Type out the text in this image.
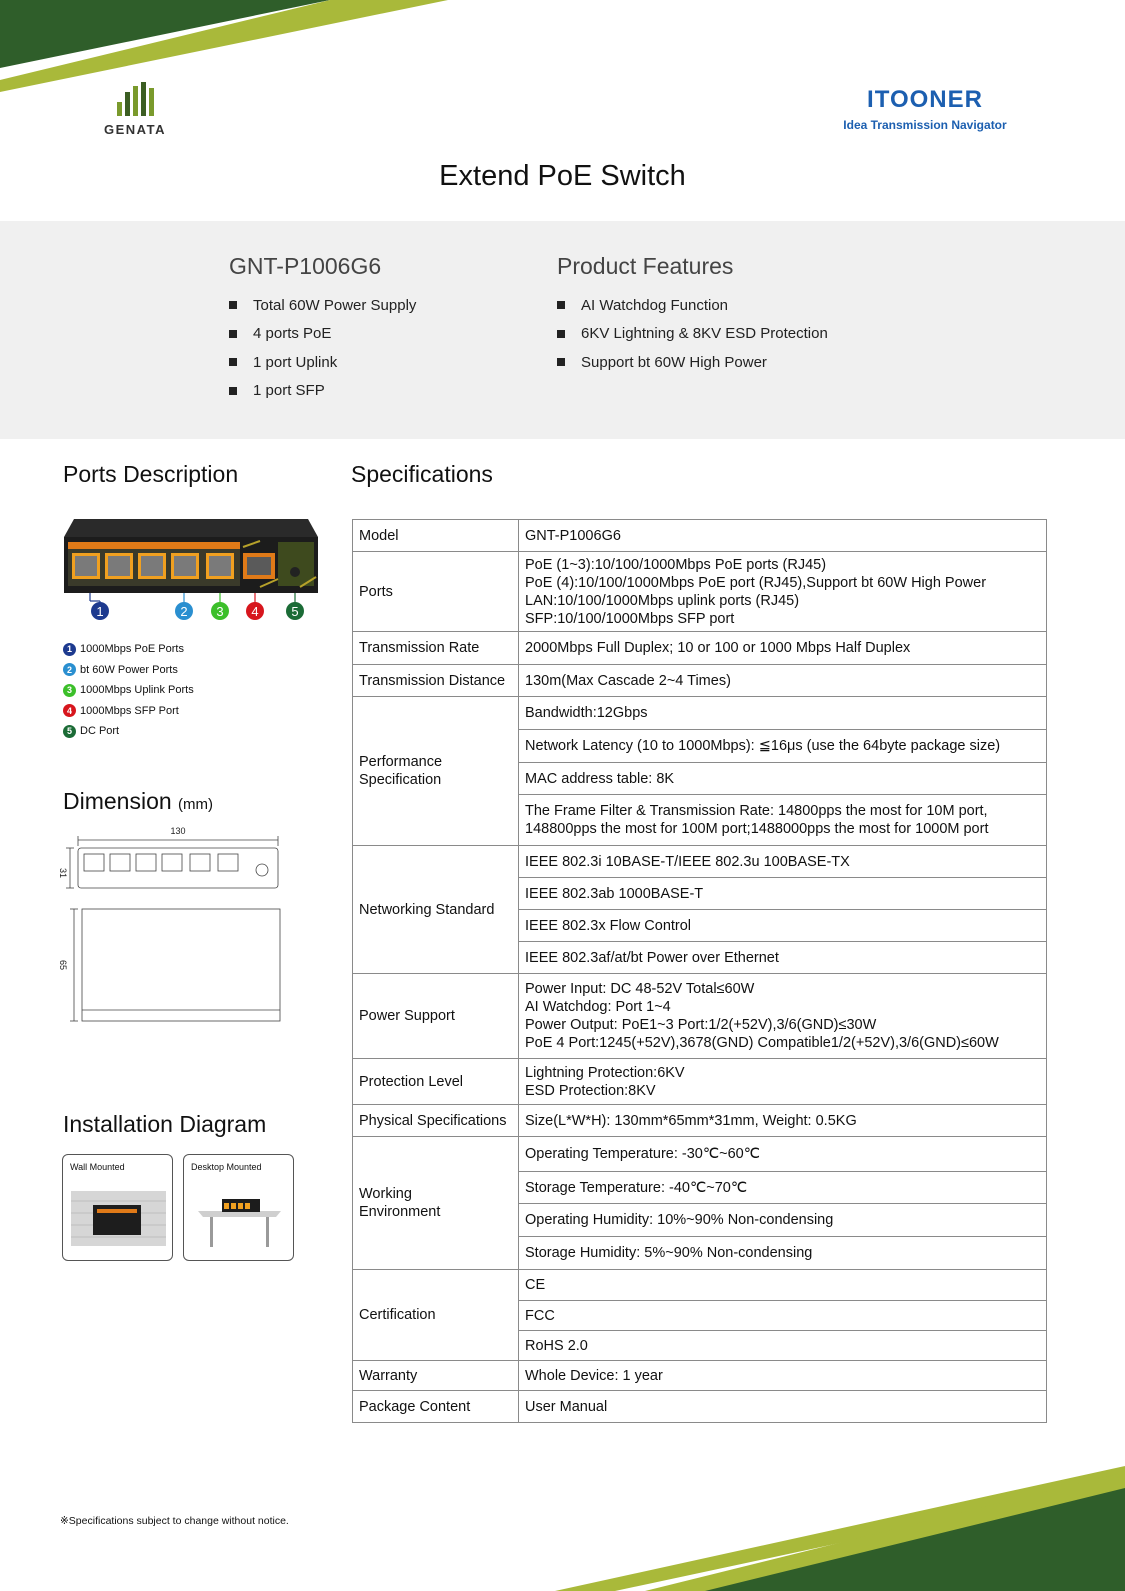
GENATA
ITOONER
Idea Transmission Navigator
Extend PoE Switch
GNT-P1006G6
Total 60W Power Supply
4 ports PoE
1 port Uplink
1 port SFP
Product Features
AI Watchdog Function
6KV Lightning & 8KV ESD Protection
Support bt 60W High Power
Ports Description
1	2 3 4	5
1 1000Mbps PoE Ports
2 bt 60W Power Ports
3 1000Mbps Uplink Ports
4 1000Mbps SFP Port
5 DC Port
Dimension (mm)
130
31
65
Installation Diagram
Wall Mounted	Desktop Mounted
Specifications
Model	GNT-P1006G6
Ports	PoE (1~3):10/100/1000Mbps PoE ports (RJ45)
PoE (4):10/100/1000Mbps PoE port (RJ45),Support bt 60W High Power
LAN:10/100/1000Mbps uplink ports (RJ45)
SFP:10/100/1000Mbps SFP port

Transmission Rate	2000Mbps Full Duplex; 10 or 100 or 1000 Mbps Half Duplex
Transmission Distance	130m(Max Cascade 2~4 Times)

Performance
Specification	Bandwidth:12Gbps
	Network Latency (10 to 1000Mbps): ≦16μs (use the 64byte package size)
	MAC address table: 8K

	The Frame Filter & Transmission Rate: 14800pps the most for 10M port,
148800pps the most for 100M port;1488000pps the most for 1000M port

Networking Standard	IEEE 802.3i 10BASE-T/IEEE 802.3u 100BASE-TX
	IEEE 802.3ab 1000BASE-T
	IEEE 802.3x Flow Control
	IEEE 802.3af/at/bt Power over Ethernet
Power Support	Power Input: DC 48-52V Total≤60W
AI Watchdog: Port 1~4
Power Output: PoE1~3 Port:1/2(+52V),3/6(GND)≤30W
PoE 4 Port:1245(+52V),3678(GND) Compatible1/2(+52V),3/6(GND)≤60W

Protection Level	Lightning Protection:6KV
ESD Protection:8KV

Physical Specifications	Size(L*W*H): 130mm*65mm*31mm, Weight: 0.5KG

Working
Environment	Operating Temperature: -30℃~60℃
	Storage Temperature: -40℃~70℃
	Operating Humidity: 10%~90% Non-condensing
	Storage Humidity: 5%~90% Non-condensing
Certification	CE
	FCC
	RoHS 2.0
Warranty	Whole Device: 1 year
Package Content	User Manual
※Specifications subject to change without notice.
